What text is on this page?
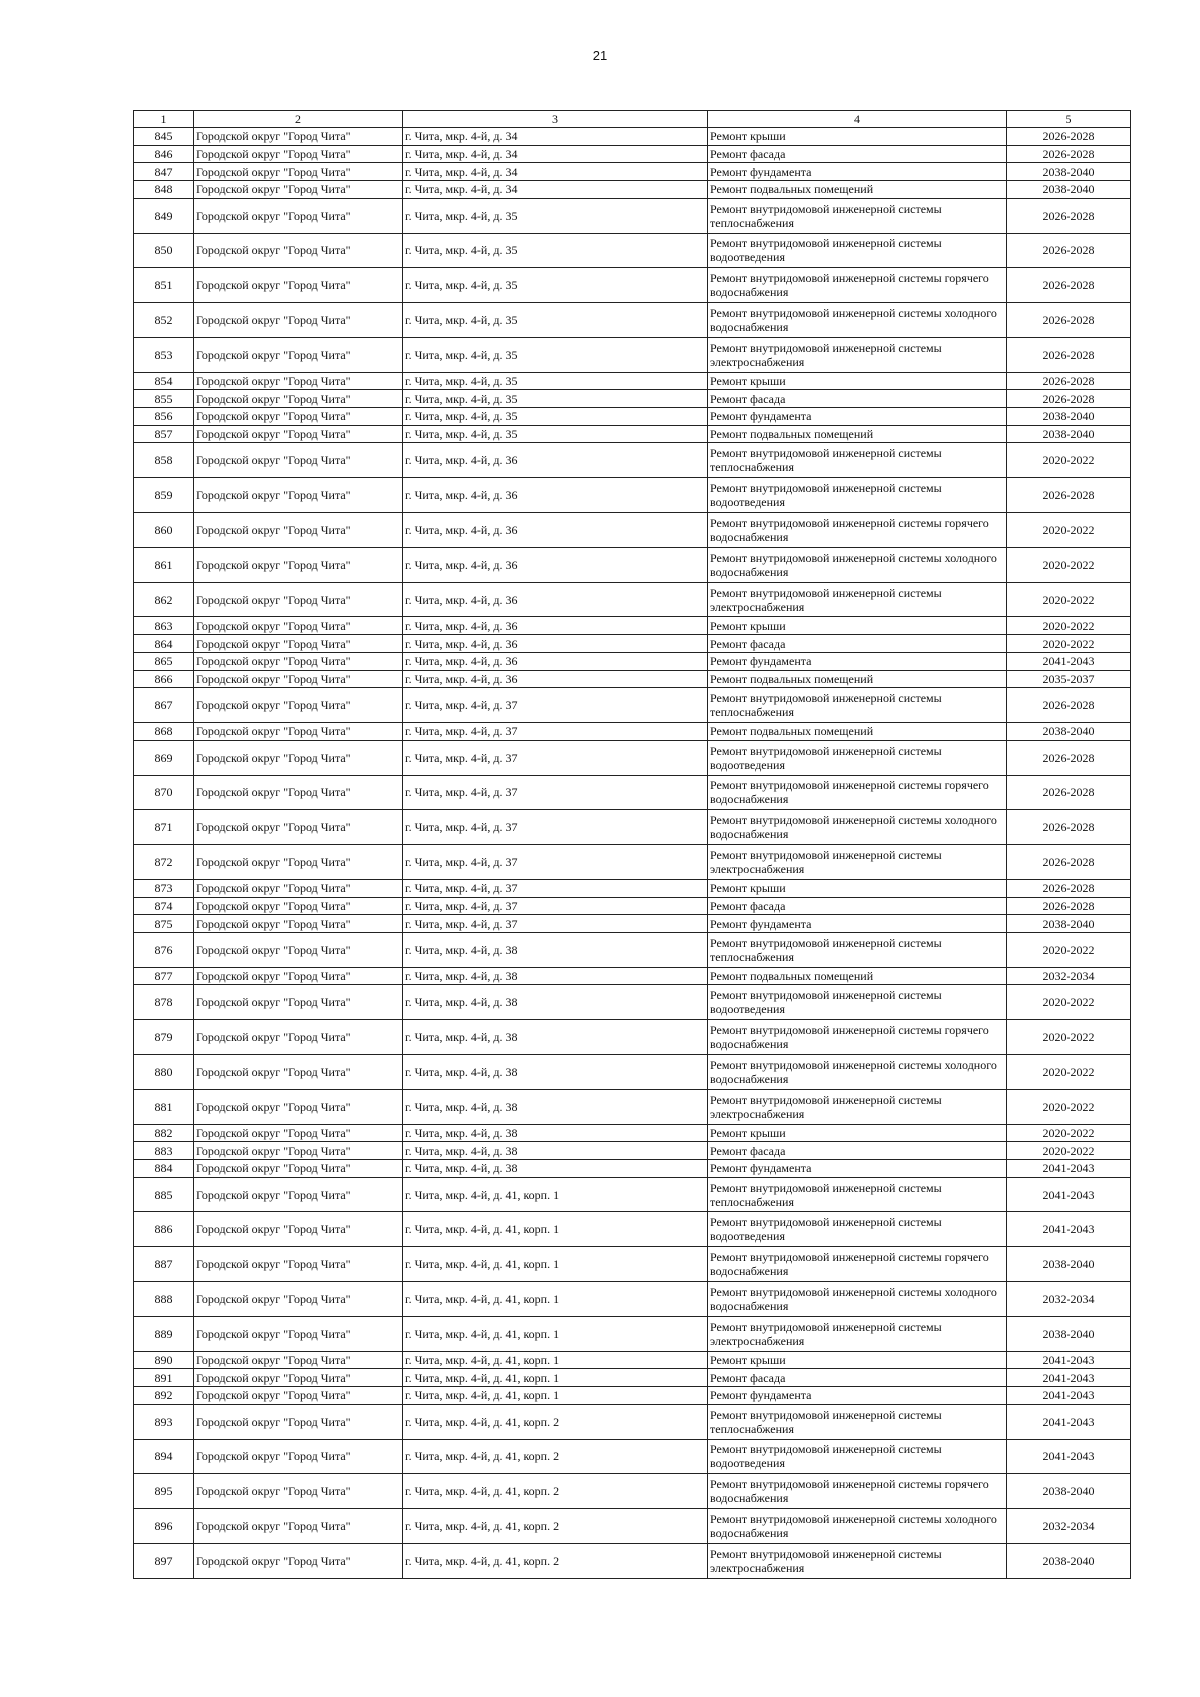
21
1	2	3	4	5
845	Городской округ "Город Чита"	г. Чита, мкр. 4-й, д. 34	Ремонт крыши	2026-2028
846	Городской округ "Город Чита"	г. Чита, мкр. 4-й, д. 34	Ремонт фасада	2026-2028
847	Городской округ "Город Чита"	г. Чита, мкр. 4-й, д. 34	Ремонт фундамента	2038-2040
848	Городской округ "Город Чита"	г. Чита, мкр. 4-й, д. 34	Ремонт подвальных помещений	2038-2040
849	Городской округ "Город Чита"	г. Чита, мкр. 4-й, д. 35	Ремонт внутридомовой инженерной системы теплоснабжения	2026-2028
850	Городской округ "Город Чита"	г. Чита, мкр. 4-й, д. 35	Ремонт внутридомовой инженерной системы водоотведения	2026-2028
851	Городской округ "Город Чита"	г. Чита, мкр. 4-й, д. 35	Ремонт внутридомовой инженерной системы горячего водоснабжения	2026-2028
852	Городской округ "Город Чита"	г. Чита, мкр. 4-й, д. 35	Ремонт внутридомовой инженерной системы холодного водоснабжения	2026-2028
853	Городской округ "Город Чита"	г. Чита, мкр. 4-й, д. 35	Ремонт внутридомовой инженерной системы электроснабжения	2026-2028
854	Городской округ "Город Чита"	г. Чита, мкр. 4-й, д. 35	Ремонт крыши	2026-2028
855	Городской округ "Город Чита"	г. Чита, мкр. 4-й, д. 35	Ремонт фасада	2026-2028
856	Городской округ "Город Чита"	г. Чита, мкр. 4-й, д. 35	Ремонт фундамента	2038-2040
857	Городской округ "Город Чита"	г. Чита, мкр. 4-й, д. 35	Ремонт подвальных помещений	2038-2040
858	Городской округ "Город Чита"	г. Чита, мкр. 4-й, д. 36	Ремонт внутридомовой инженерной системы теплоснабжения	2020-2022
859	Городской округ "Город Чита"	г. Чита, мкр. 4-й, д. 36	Ремонт внутридомовой инженерной системы водоотведения	2026-2028
860	Городской округ "Город Чита"	г. Чита, мкр. 4-й, д. 36	Ремонт внутридомовой инженерной системы горячего водоснабжения	2020-2022
861	Городской округ "Город Чита"	г. Чита, мкр. 4-й, д. 36	Ремонт внутридомовой инженерной системы холодного водоснабжения	2020-2022
862	Городской округ "Город Чита"	г. Чита, мкр. 4-й, д. 36	Ремонт внутридомовой инженерной системы электроснабжения	2020-2022
863	Городской округ "Город Чита"	г. Чита, мкр. 4-й, д. 36	Ремонт крыши	2020-2022
864	Городской округ "Город Чита"	г. Чита, мкр. 4-й, д. 36	Ремонт фасада	2020-2022
865	Городской округ "Город Чита"	г. Чита, мкр. 4-й, д. 36	Ремонт фундамента	2041-2043
866	Городской округ "Город Чита"	г. Чита, мкр. 4-й, д. 36	Ремонт подвальных помещений	2035-2037
867	Городской округ "Город Чита"	г. Чита, мкр. 4-й, д. 37	Ремонт внутридомовой инженерной системы теплоснабжения	2026-2028
868	Городской округ "Город Чита"	г. Чита, мкр. 4-й, д. 37	Ремонт подвальных помещений	2038-2040
869	Городской округ "Город Чита"	г. Чита, мкр. 4-й, д. 37	Ремонт внутридомовой инженерной системы водоотведения	2026-2028
870	Городской округ "Город Чита"	г. Чита, мкр. 4-й, д. 37	Ремонт внутридомовой инженерной системы горячего водоснабжения	2026-2028
871	Городской округ "Город Чита"	г. Чита, мкр. 4-й, д. 37	Ремонт внутридомовой инженерной системы холодного водоснабжения	2026-2028
872	Городской округ "Город Чита"	г. Чита, мкр. 4-й, д. 37	Ремонт внутридомовой инженерной системы электроснабжения	2026-2028
873	Городской округ "Город Чита"	г. Чита, мкр. 4-й, д. 37	Ремонт крыши	2026-2028
874	Городской округ "Город Чита"	г. Чита, мкр. 4-й, д. 37	Ремонт фасада	2026-2028
875	Городской округ "Город Чита"	г. Чита, мкр. 4-й, д. 37	Ремонт фундамента	2038-2040
876	Городской округ "Город Чита"	г. Чита, мкр. 4-й, д. 38	Ремонт внутридомовой инженерной системы теплоснабжения	2020-2022
877	Городской округ "Город Чита"	г. Чита, мкр. 4-й, д. 38	Ремонт подвальных помещений	2032-2034
878	Городской округ "Город Чита"	г. Чита, мкр. 4-й, д. 38	Ремонт внутридомовой инженерной системы водоотведения	2020-2022
879	Городской округ "Город Чита"	г. Чита, мкр. 4-й, д. 38	Ремонт внутридомовой инженерной системы горячего водоснабжения	2020-2022
880	Городской округ "Город Чита"	г. Чита, мкр. 4-й, д. 38	Ремонт внутридомовой инженерной системы холодного водоснабжения	2020-2022
881	Городской округ "Город Чита"	г. Чита, мкр. 4-й, д. 38	Ремонт внутридомовой инженерной системы электроснабжения	2020-2022
882	Городской округ "Город Чита"	г. Чита, мкр. 4-й, д. 38	Ремонт крыши	2020-2022
883	Городской округ "Город Чита"	г. Чита, мкр. 4-й, д. 38	Ремонт фасада	2020-2022
884	Городской округ "Город Чита"	г. Чита, мкр. 4-й, д. 38	Ремонт фундамента	2041-2043
885	Городской округ "Город Чита"	г. Чита, мкр. 4-й, д. 41, корп. 1	Ремонт внутридомовой инженерной системы теплоснабжения	2041-2043
886	Городской округ "Город Чита"	г. Чита, мкр. 4-й, д. 41, корп. 1	Ремонт внутридомовой инженерной системы водоотведения	2041-2043
887	Городской округ "Город Чита"	г. Чита, мкр. 4-й, д. 41, корп. 1	Ремонт внутридомовой инженерной системы горячего водоснабжения	2038-2040
888	Городской округ "Город Чита"	г. Чита, мкр. 4-й, д. 41, корп. 1	Ремонт внутридомовой инженерной системы холодного водоснабжения	2032-2034
889	Городской округ "Город Чита"	г. Чита, мкр. 4-й, д. 41, корп. 1	Ремонт внутридомовой инженерной системы электроснабжения	2038-2040
890	Городской округ "Город Чита"	г. Чита, мкр. 4-й, д. 41, корп. 1	Ремонт крыши	2041-2043
891	Городской округ "Город Чита"	г. Чита, мкр. 4-й, д. 41, корп. 1	Ремонт фасада	2041-2043
892	Городской округ "Город Чита"	г. Чита, мкр. 4-й, д. 41, корп. 1	Ремонт фундамента	2041-2043
893	Городской округ "Город Чита"	г. Чита, мкр. 4-й, д. 41, корп. 2	Ремонт внутридомовой инженерной системы теплоснабжения	2041-2043
894	Городской округ "Город Чита"	г. Чита, мкр. 4-й, д. 41, корп. 2	Ремонт внутридомовой инженерной системы водоотведения	2041-2043
895	Городской округ "Город Чита"	г. Чита, мкр. 4-й, д. 41, корп. 2	Ремонт внутридомовой инженерной системы горячего водоснабжения	2038-2040
896	Городской округ "Город Чита"	г. Чита, мкр. 4-й, д. 41, корп. 2	Ремонт внутридомовой инженерной системы холодного водоснабжения	2032-2034
897	Городской округ "Город Чита"	г. Чита, мкр. 4-й, д. 41, корп. 2	Ремонт внутридомовой инженерной системы электроснабжения	2038-2040
